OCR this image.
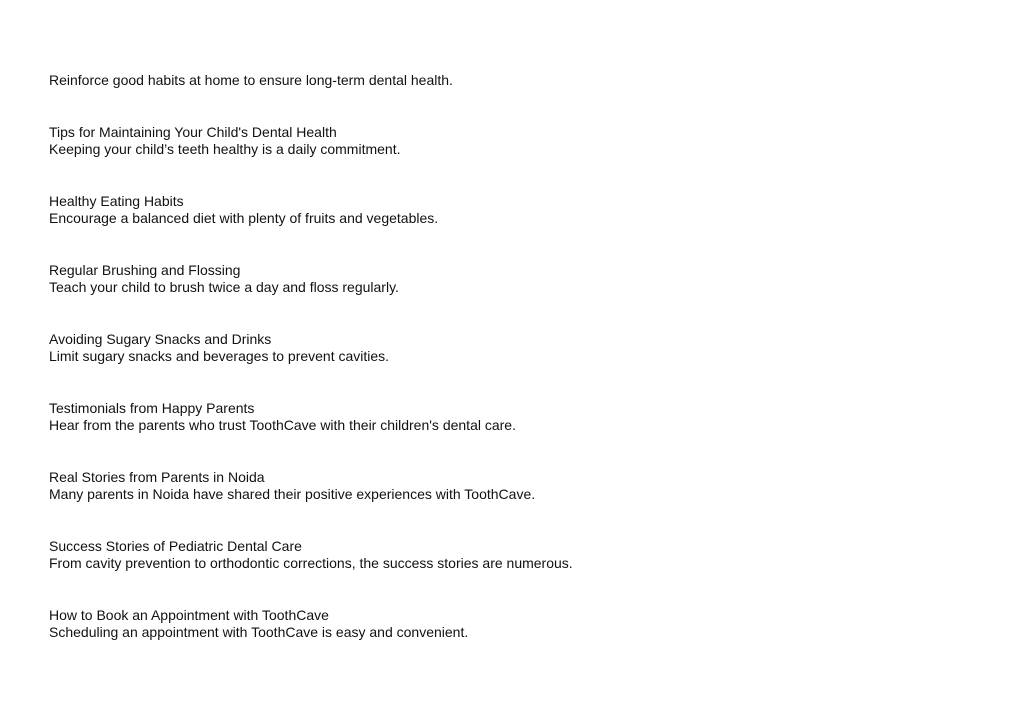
Reinforce good habits at home to ensure long-term dental health.

Tips for Maintaining Your Child's Dental Health

Keeping your child’s teeth healthy is a daily commitment.

Healthy Eating Habits

Encourage a balanced diet with plenty of fruits and vegetables.

Regular Brushing and Flossing

Teach your child to brush twice a day and floss regularly.

Avoiding Sugary Snacks and Drinks

Limit sugary snacks and beverages to prevent cavities.

Testimonials from Happy Parents

Hear from the parents who trust ToothCave with their children's dental care.

Real Stories from Parents in Noida

Many parents in Noida have shared their positive experiences with ToothCave.

Success Stories of Pediatric Dental Care

From cavity prevention to orthodontic corrections, the success stories are numerous.

How to Book an Appointment with ToothCave

Scheduling an appointment with ToothCave is easy and convenient.
